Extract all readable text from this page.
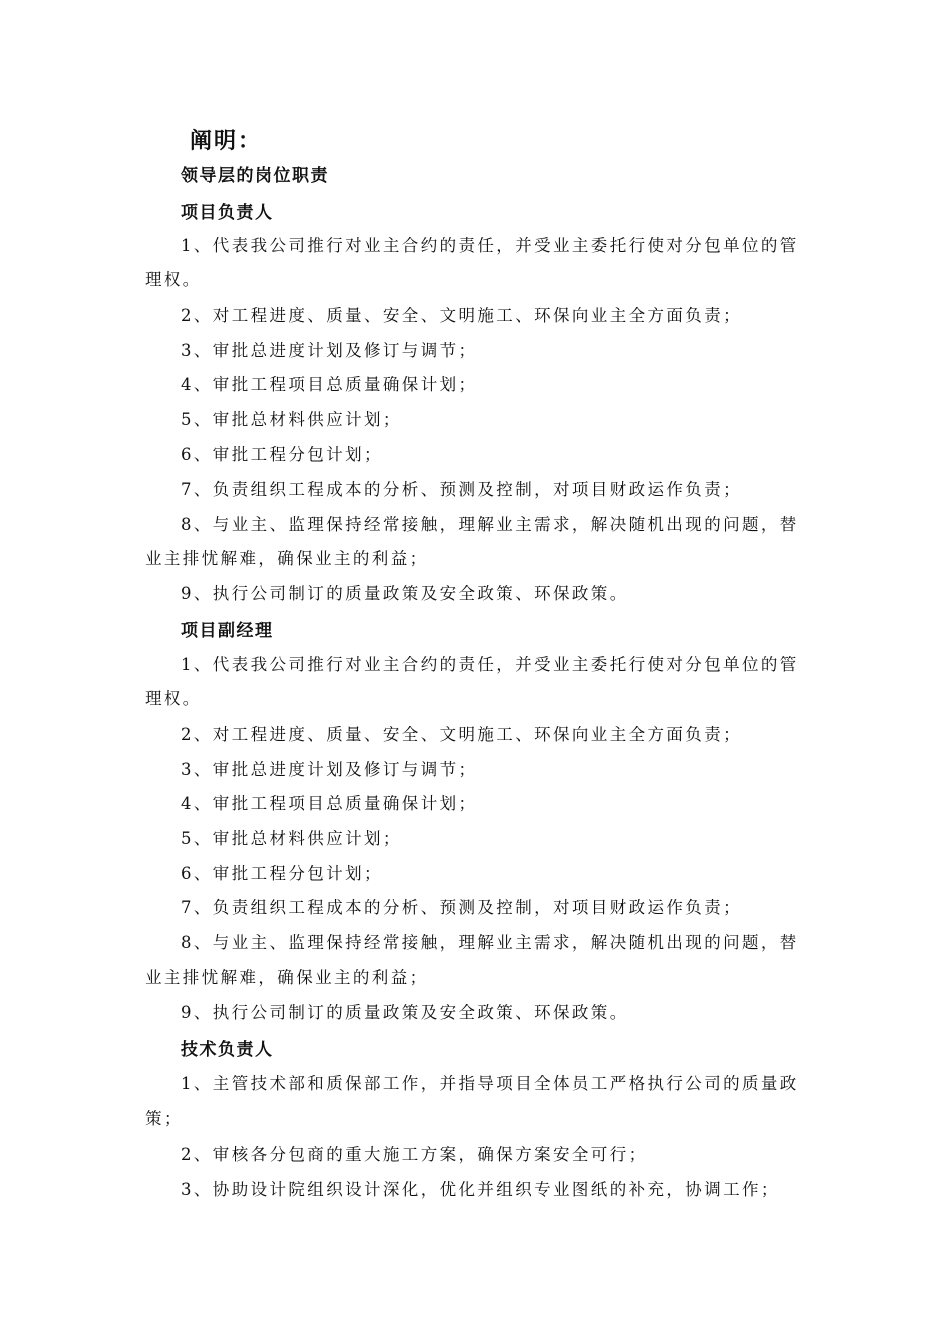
阐明：
领导层的岗位职责
项目负责人
1、代表我公司推行对业主合约的责任，并受业主委托行使对分包单位的管
理权。
2、对工程进度、质量、安全、文明施工、环保向业主全方面负责；
3、审批总进度计划及修订与调节；
4、审批工程项目总质量确保计划；
5、审批总材料供应计划；
6、审批工程分包计划；
7、负责组织工程成本的分析、预测及控制，对项目财政运作负责；
8、与业主、监理保持经常接触，理解业主需求，解决随机出现的问题，替
业主排忧解难，确保业主的利益；
9、执行公司制订的质量政策及安全政策、环保政策。
项目副经理
1、代表我公司推行对业主合约的责任，并受业主委托行使对分包单位的管
理权。
2、对工程进度、质量、安全、文明施工、环保向业主全方面负责；
3、审批总进度计划及修订与调节；
4、审批工程项目总质量确保计划；
5、审批总材料供应计划；
6、审批工程分包计划；
7、负责组织工程成本的分析、预测及控制，对项目财政运作负责；
8、与业主、监理保持经常接触，理解业主需求，解决随机出现的问题，替
业主排忧解难，确保业主的利益；
9、执行公司制订的质量政策及安全政策、环保政策。
技术负责人
1、主管技术部和质保部工作，并指导项目全体员工严格执行公司的质量政
策；
2、审核各分包商的重大施工方案，确保方案安全可行；
3、协助设计院组织设计深化，优化并组织专业图纸的补充，协调工作；
